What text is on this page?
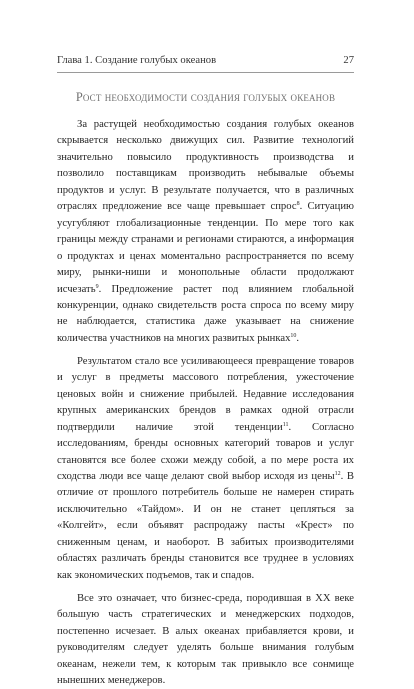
Глава 1. Создание голубых океанов	27
Рост необходимости создания голубых океанов

За растущей необходимостью создания голубых океанов скрывается несколько движущих сил. Развитие технологий значительно повысило продуктивность производства и позволило поставщикам производить небывалые объемы продуктов и услуг. В результате получается, что в различных отраслях предложение все чаще превышает спрос$^8$. Ситуацию усугубляют глобализационные тенденции. По мере того как границы между странами и регионами стираются, а информация о продуктах и ценах моментально распространяется по всему миру, рынки-ниши и монопольные области продолжают исчезать$^9$. Предложение растет под влиянием глобальной конкуренции, однако свидетельств роста спроса по всему миру не наблюдается, статистика даже указывает на снижение количества участников на многих развитых рынках$^{10}$.

Результатом стало все усиливающееся превращение товаров и услуг в предметы массового потребления, ужесточение ценовых войн и снижение прибылей. Недавние исследования крупных американских брендов в рамках одной отрасли подтвердили наличие этой тенденции$^{11}$. Согласно исследованиям, бренды основных категорий товаров и услуг становятся все более схожи между собой, а по мере роста их сходства люди все чаще делают свой выбор исходя из цены$^{12}$. В отличие от прошлого потребитель больше не намерен стирать исключительно «Тайдом». И он не станет цепляться за «Колгейт», если объявят распродажу пасты «Крест» по сниженным ценам, и наоборот. В забитых производителями областях различать бренды становится все труднее в условиях как экономических подъемов, так и спадов.

Все это означает, что бизнес-среда, породившая в XX веке большую часть стратегических и менеджерских подходов, постепенно исчезает. В алых океанах прибавляется крови, и руководителям следует уделять больше внимания голубым океанам, нежели тем, к которым так привыкло все сонмище нынешних менеджеров.
